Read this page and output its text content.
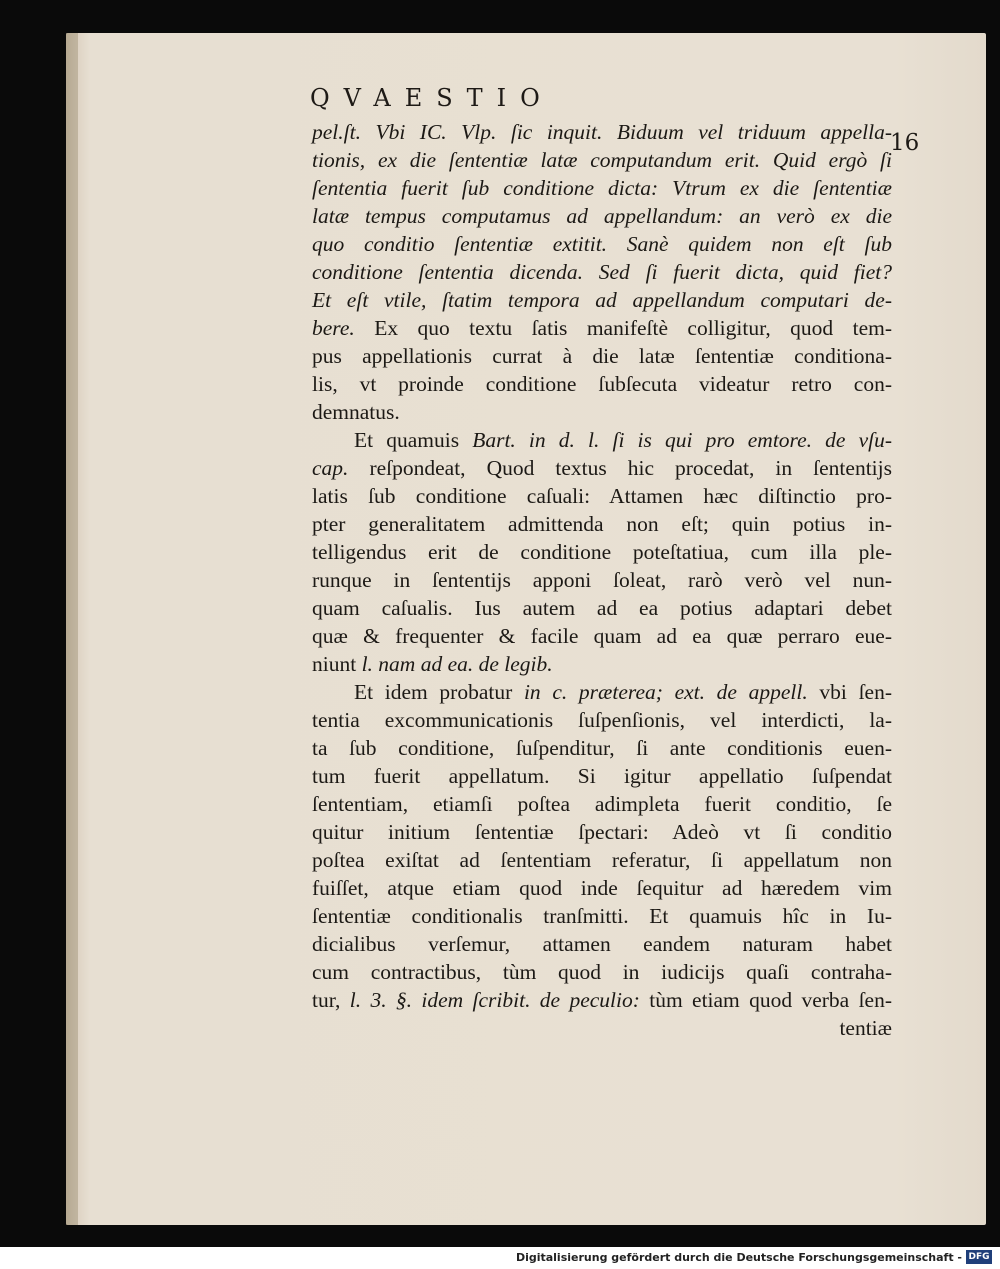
QVAESTIO
16
pel.ſt. Vbi IC. Vlp. ſic inquit. Biduum vel triduum appella-
tionis, ex die ſententiæ latæ computandum erit. Quid ergò ſi
ſententia fuerit ſub conditione dicta: Vtrum ex die ſententiæ
latæ tempus computamus ad appellandum: an verò ex die
quo conditio ſententiæ extitit. Sanè quidem non eſt ſub
conditione ſententia dicenda. Sed ſi fuerit dicta, quid fiet?
Et eſt vtile, ſtatim tempora ad appellandum computari de-
bere. Ex quo textu ſatis manifeſtè colligitur, quod tem-
pus appellationis currat à die latæ ſententiæ conditiona-
lis, vt proinde conditione ſubſecuta videatur retro con-
demnatus.
Et quamuis Bart. in d. l. ſi is qui pro emtore. de vſu-
cap. reſpondeat, Quod textus hic procedat, in ſententijs
latis ſub conditione caſuali: Attamen hæc diſtinctio pro-
pter generalitatem admittenda non eſt; quin potius in-
telligendus erit de conditione poteſtatiua, cum illa ple-
runque in ſententijs apponi ſoleat, rarò verò vel nun-
quam caſualis. Ius autem ad ea potius adaptari debet
quæ & frequenter & facile quam ad ea quæ perraro eue-
niunt l. nam ad ea. de legib.
Et idem probatur in c. præterea; ext. de appell. vbi ſen-
tentia excommunicationis ſuſpenſionis, vel interdicti, la-
ta ſub conditione, ſuſpenditur, ſi ante conditionis euen-
tum fuerit appellatum. Si igitur appellatio ſuſpendat
ſententiam, etiamſi poſtea adimpleta fuerit conditio, ſe
quitur initium ſententiæ ſpectari: Adeò vt ſi conditio
poſtea exiſtat ad ſententiam referatur, ſi appellatum non
fuiſſet, atque etiam quod inde ſequitur ad hæredem vim
ſententiæ conditionalis tranſmitti. Et quamuis hîc in Iu-
dicialibus verſemur, attamen eandem naturam habet
cum contractibus, tùm quod in iudicijs quaſi contraha-
tur, l. 3. §. idem ſcribit. de peculio: tùm etiam quod verba ſen-
tentiæ
Digitalisierung gefördert durch die Deutsche Forschungsgemeinschaft - DFG
